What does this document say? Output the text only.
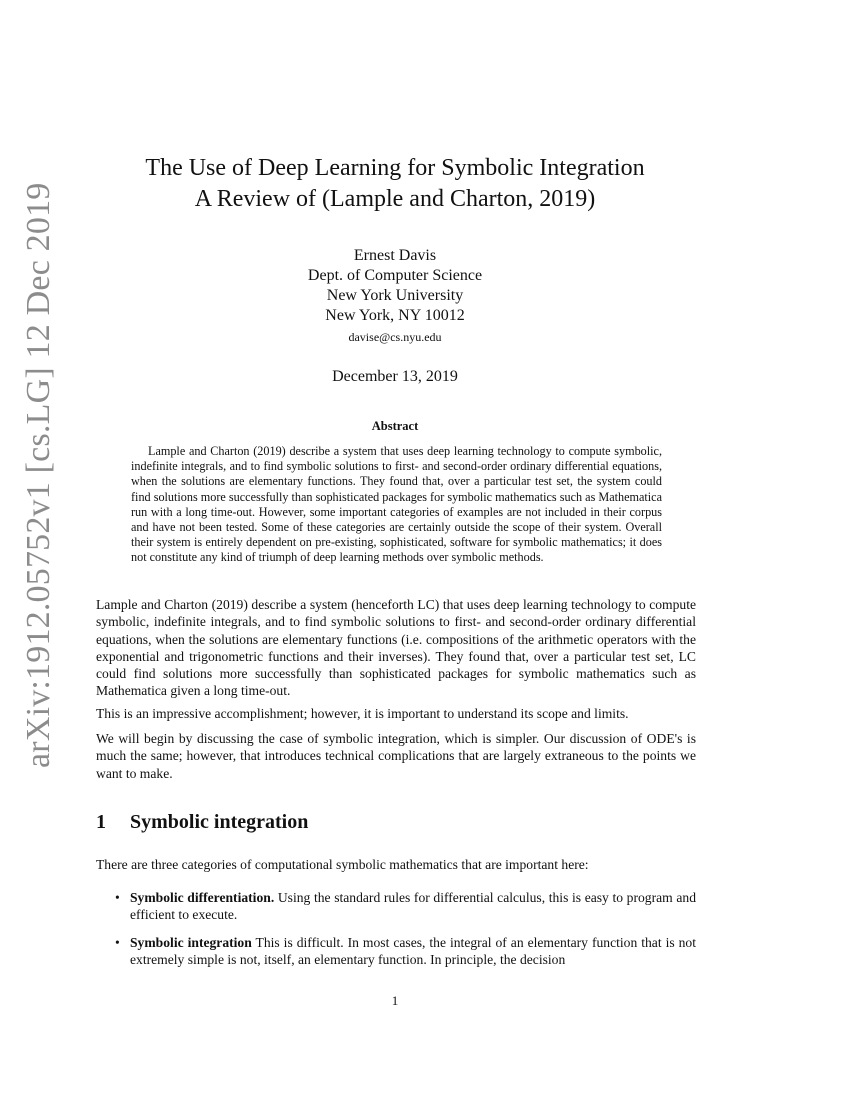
arXiv:1912.05752v1 [cs.LG] 12 Dec 2019
The Use of Deep Learning for Symbolic Integration
A Review of (Lample and Charton, 2019)
Ernest Davis
Dept. of Computer Science
New York University
New York, NY 10012
davise@cs.nyu.edu
December 13, 2019
Abstract

Lample and Charton (2019) describe a system that uses deep learning technology to compute symbolic, indefinite integrals, and to find symbolic solutions to first- and second-order ordinary differential equations, when the solutions are elementary functions. They found that, over a particular test set, the system could find solutions more successfully than sophisticated packages for symbolic mathematics such as Mathematica run with a long time-out. However, some important categories of examples are not included in their corpus and have not been tested. Some of these categories are certainly outside the scope of their system. Overall their system is entirely dependent on pre-existing, sophisticated, software for symbolic mathematics; it does not constitute any kind of triumph of deep learning methods over symbolic methods.

Lample and Charton (2019) describe a system (henceforth LC) that uses deep learning technology to compute symbolic, indefinite integrals, and to find symbolic solutions to first- and second-order ordinary differential equations, when the solutions are elementary functions (i.e. compositions of the arithmetic operators with the exponential and trigonometric functions and their inverses). They found that, over a particular test set, LC could find solutions more successfully than sophisticated packages for symbolic mathematics such as Mathematica given a long time-out.

This is an impressive accomplishment; however, it is important to understand its scope and limits.

We will begin by discussing the case of symbolic integration, which is simpler. Our discussion of ODE's is much the same; however, that introduces technical complications that are largely extraneous to the points we want to make.

1 Symbolic integration

There are three categories of computational symbolic mathematics that are important here:

• Symbolic differentiation. Using the standard rules for differential calculus, this is easy to program and efficient to execute.
• Symbolic integration This is difficult. In most cases, the integral of an elementary function that is not extremely simple is not, itself, an elementary function. In principle, the decision
1
